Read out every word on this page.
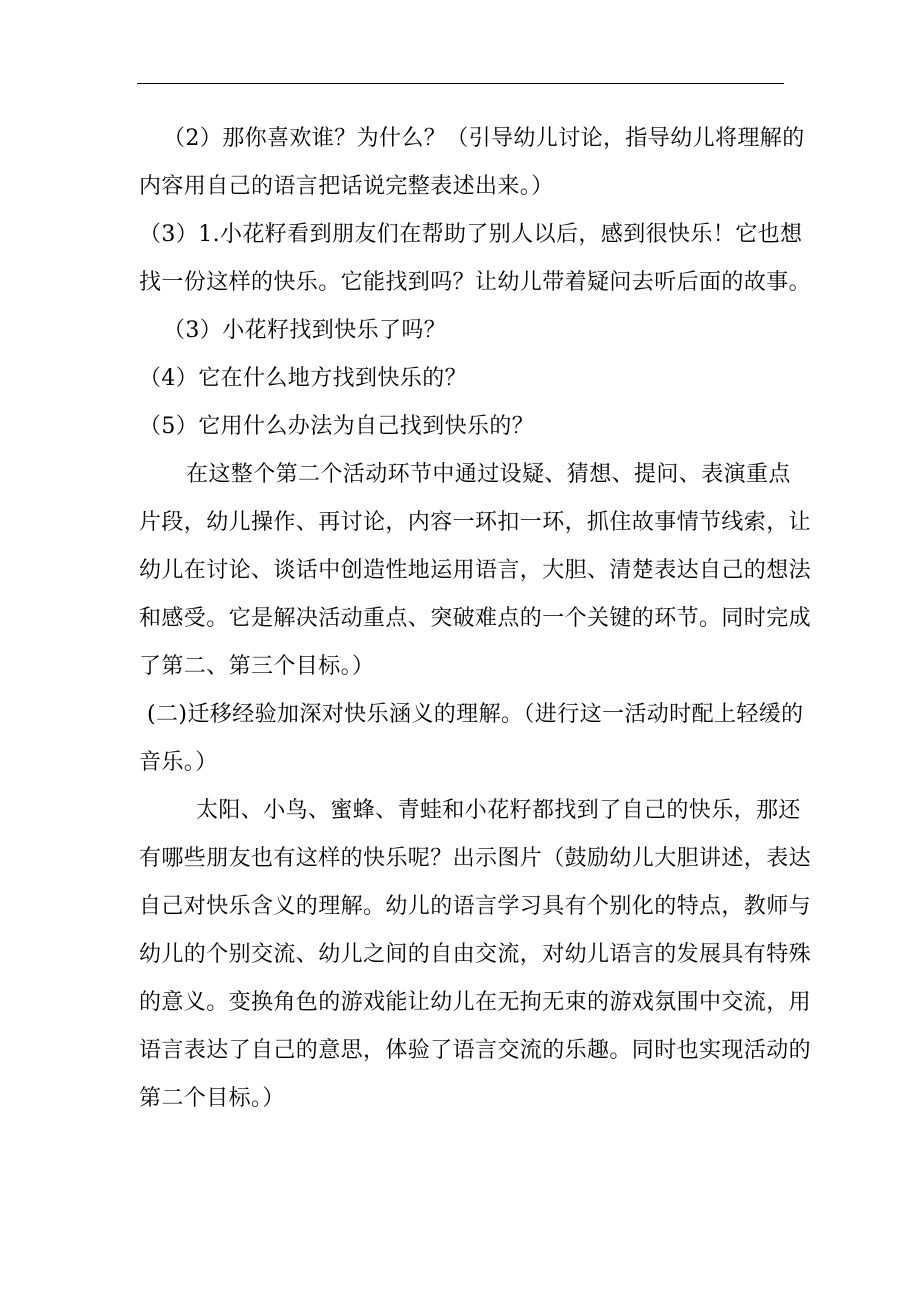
（2）那你喜欢谁？为什么？（引导幼儿讨论，指导幼儿将理解的
内容用自己的语言把话说完整表述出来。）
（3）1.小花籽看到朋友们在帮助了别人以后，感到很快乐！它也想
找一份这样的快乐。它能找到吗？让幼儿带着疑问去听后面的故事。
（3）小花籽找到快乐了吗？
（4）它在什么地方找到快乐的？
（5）它用什么办法为自己找到快乐的？
在这整个第二个活动环节中通过设疑、猜想、提问、表演重点
片段，幼儿操作、再讨论，内容一环扣一环，抓住故事情节线索，让
幼儿在讨论、谈话中创造性地运用语言，大胆、清楚表达自己的想法
和感受。它是解决活动重点、突破难点的一个关键的环节。同时完成
了第二、第三个目标。）
(二)迁移经验加深对快乐涵义的理解。（进行这一活动时配上轻缓的
音乐。）
太阳、小鸟、蜜蜂、青蛙和小花籽都找到了自己的快乐，那还
有哪些朋友也有这样的快乐呢？出示图片（鼓励幼儿大胆讲述，表达
自己对快乐含义的理解。幼儿的语言学习具有个别化的特点，教师与
幼儿的个别交流、幼儿之间的自由交流，对幼儿语言的发展具有特殊
的意义。变换角色的游戏能让幼儿在无拘无束的游戏氛围中交流，用
语言表达了自己的意思，体验了语言交流的乐趣。同时也实现活动的
第二个目标。）
